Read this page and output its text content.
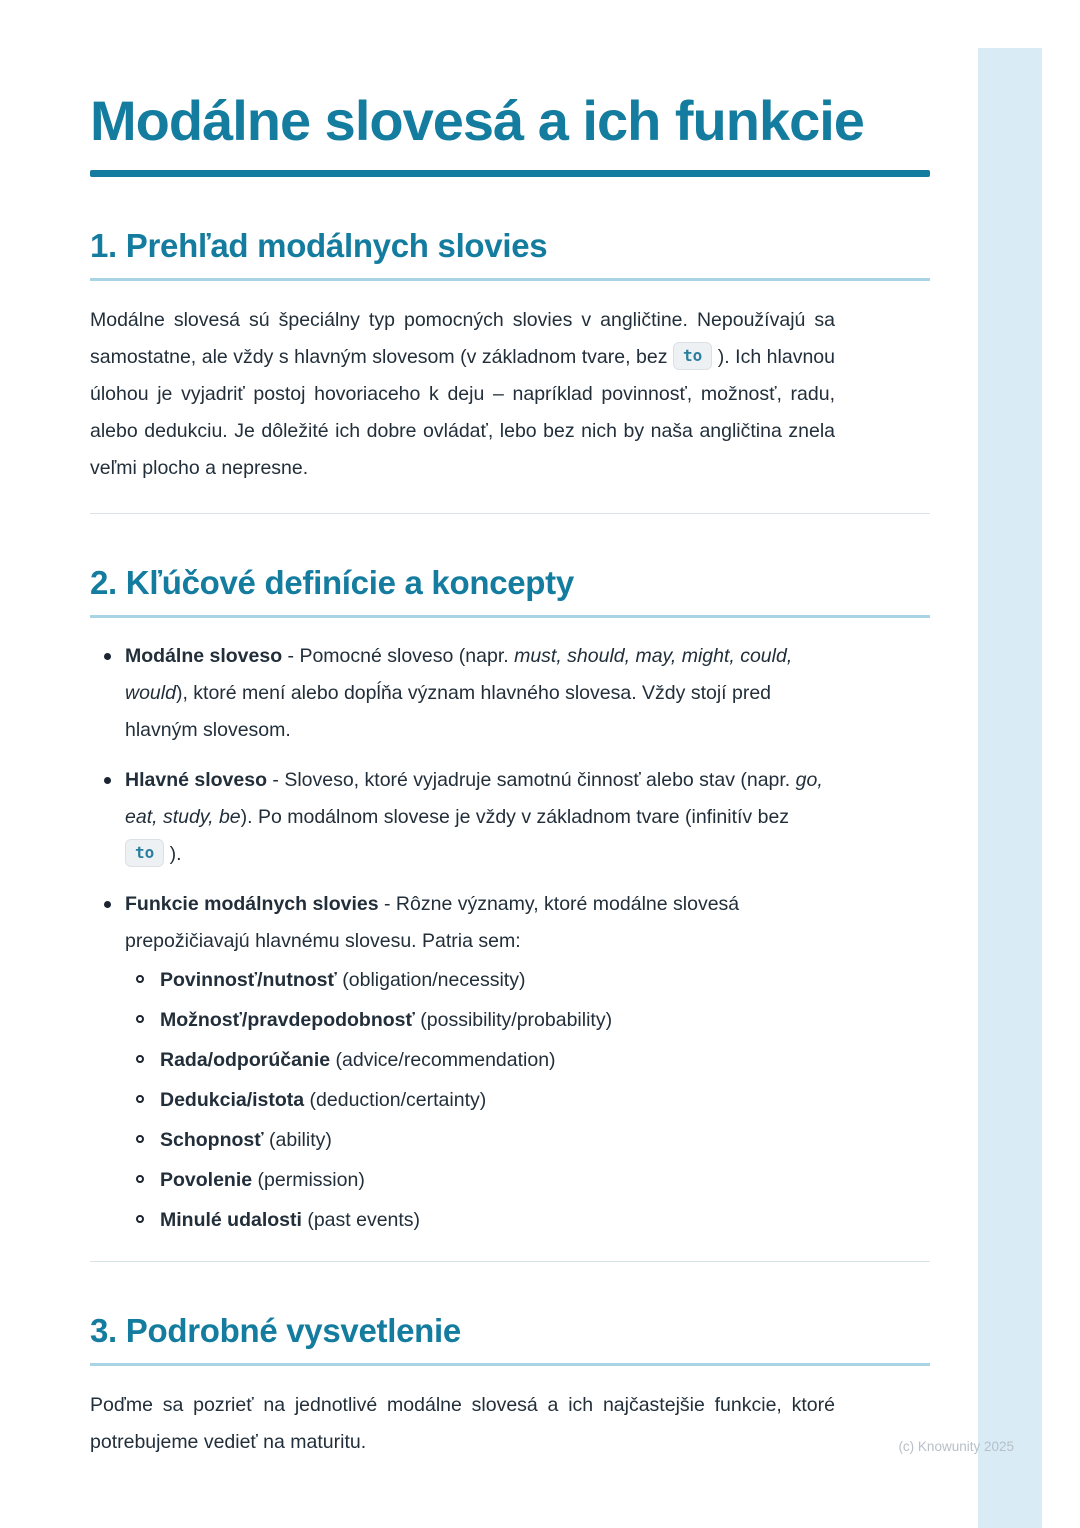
Modálne slovesá a ich funkcie
1. Prehľad modálnych slovies

Modálne slovesá sú špeciálny typ pomocných slovies v angličtine. Nepoužívajú sa samostatne, ale vždy s hlavným slovesom (v základnom tvare, bez to ). Ich hlavnou úlohou je vyjadriť postoj hovoriaceho k deju – napríklad povinnosť, možnosť, radu, alebo dedukciu. Je dôležité ich dobre ovládať, lebo bez nich by naša angličtina znela veľmi plocho a nepresne.

2. Kľúčové definície a koncepty

Modálne sloveso - Pomocné sloveso (napr. must, should, may, might, could, would), ktoré mení alebo dopĺňa význam hlavného slovesa. Vždy stojí pred hlavným slovesom.

Hlavné sloveso - Sloveso, ktoré vyjadruje samotnú činnosť alebo stav (napr. go, eat, study, be). Po modálnom slovese je vždy v základnom tvare (infinitív bez to ).

Funkcie modálnych slovies - Rôzne významy, ktoré modálne slovesá prepožičiavajú hlavnému slovesu. Patria sem:

Povinnosť/nutnosť (obligation/necessity)

Možnosť/pravdepodobnosť (possibility/probability)

Rada/odporúčanie (advice/recommendation)

Dedukcia/istota (deduction/certainty)

Schopnosť (ability)

Povolenie (permission)

Minulé udalosti (past events)

3. Podrobné vysvetlenie

Poďme sa pozrieť na jednotlivé modálne slovesá a ich najčastejšie funkcie, ktoré potrebujeme vedieť na maturitu.	(c) Knowunity 2025
